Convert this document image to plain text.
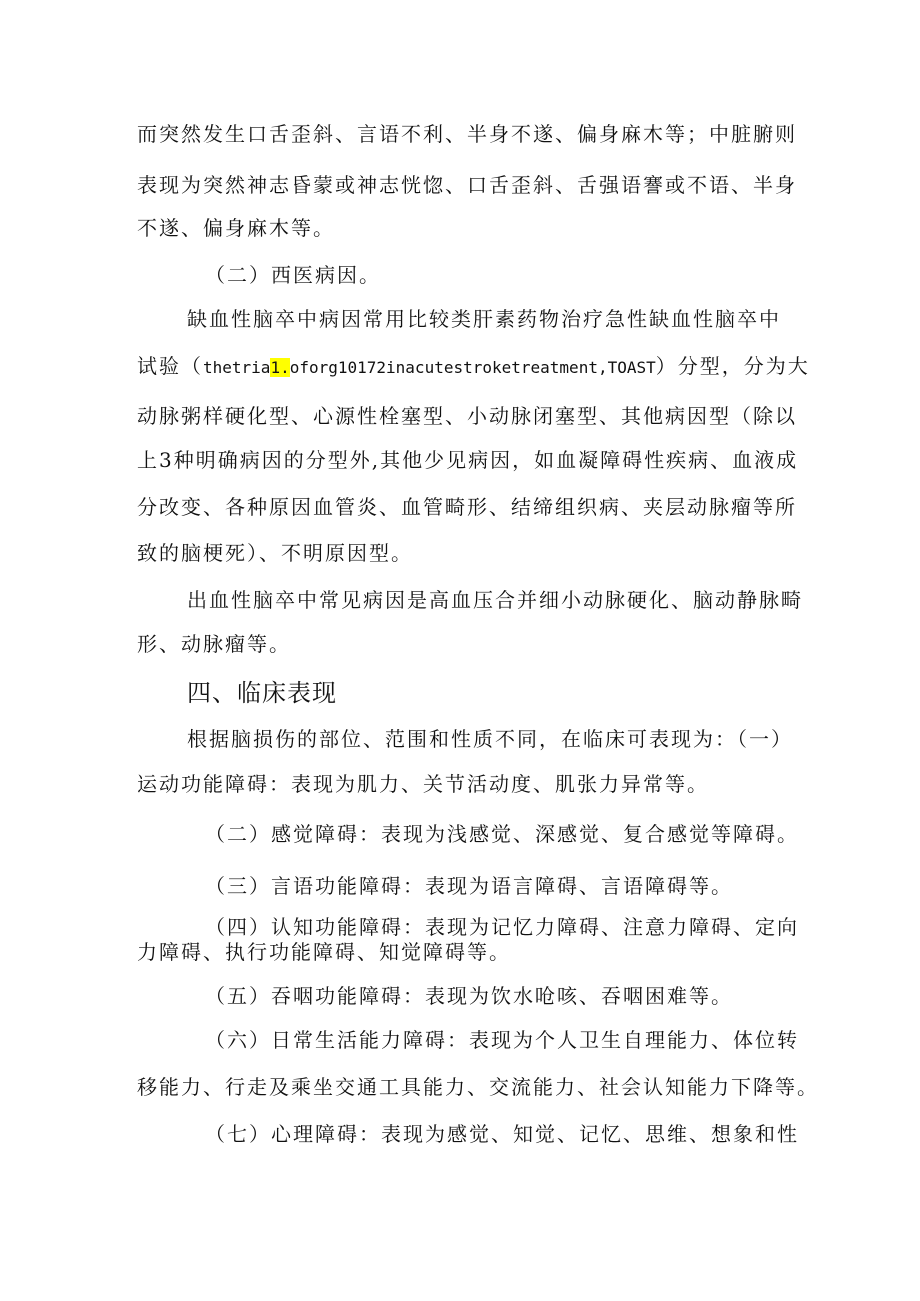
而突然发生口舌歪斜、言语不利、半身不遂、偏身麻木等；中脏腑则
表现为突然神志昏蒙或神志恍惚、口舌歪斜、舌强语謇或不语、半身
不遂、偏身麻木等。
（二）西医病因。
缺血性脑卒中病因常用比较类肝素药物治疗急性缺血性脑卒中
试验（thetria1.oforg10172inacutestroketreatment,TOAST）分型，分为大
动脉粥样硬化型、心源性栓塞型、小动脉闭塞型、其他病因型（除以
上3种明确病因的分型外,其他少见病因，如血凝障碍性疾病、血液成
分改变、各种原因血管炎、血管畸形、结缔组织病、夹层动脉瘤等所
致的脑梗死）、不明原因型。
出血性脑卒中常见病因是高血压合并细小动脉硬化、脑动静脉畸
形、动脉瘤等。
四、临床表现
根据脑损伤的部位、范围和性质不同，在临床可表现为：（一）
运动功能障碍：表现为肌力、关节活动度、肌张力异常等。
（二）感觉障碍：表现为浅感觉、深感觉、复合感觉等障碍。
（三）言语功能障碍：表现为语言障碍、言语障碍等。
（四）认知功能障碍：表现为记忆力障碍、注意力障碍、定向
力障碍、执行功能障碍、知觉障碍等。
（五）吞咽功能障碍：表现为饮水呛咳、吞咽困难等。
（六）日常生活能力障碍：表现为个人卫生自理能力、体位转
移能力、行走及乘坐交通工具能力、交流能力、社会认知能力下降等。
（七）心理障碍：表现为感觉、知觉、记忆、思维、想象和性
